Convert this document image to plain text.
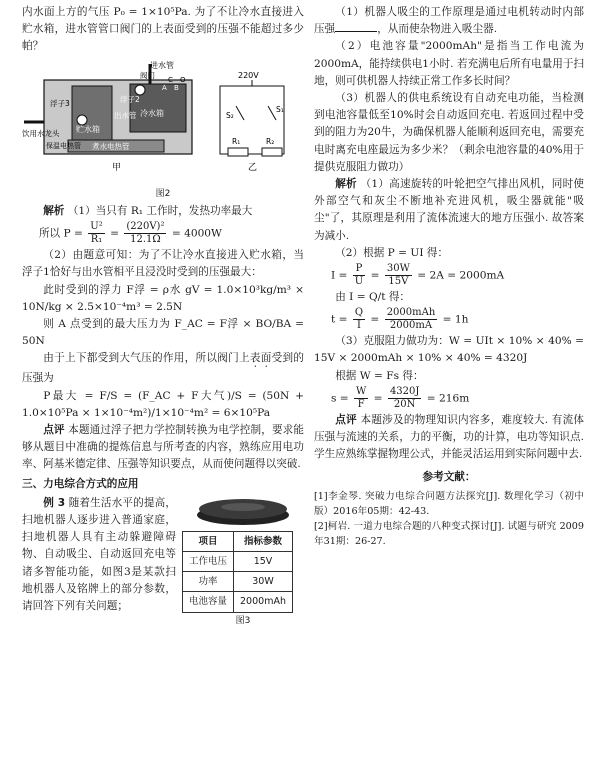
内水面上方的气压 P₀ = 1×10⁵Pa. 为了不让冷水直接进入贮水箱，进水管管口阀门的上表面受到的压强不能超过多少帕？

进水管
阀门
浮子2
浮子3
出水管 冷水箱
饮用水龙头 贮水箱
保温电热管 煮水电热管
A B
C O
甲
220V
S₂
S₁
R₁	R₂
乙
图2

解析 （1）当只有 R₁ 工作时，发热功率最大

所以 $P = \frac{\text{U²}}{\text{R₁}} = \frac{\text{(220V)²}}{12.1\Omega} = 4000W$

（2）由题意可知：为了不让冷水直接进入贮水箱，当浮子1恰好与出水管相平且浸没时受到的压强最大：

此时受到的浮力 F浮 = ρ水 gV = 1.0×10³kg/m³ × 10N/kg × 2.5×10⁻⁴m³ = 2.5N

则 A 点受到的最大压力为 F_AC = F浮 × BO/BA = 50N

由于上下都受到大气压的作用，所以阀门上表面受到的压强为

P最大 = F/S = (F_AC + F大气)/S = (50N + 1.0×10⁵Pa × 1×10⁻⁴m²)/1×10⁻⁴m² = 6×10⁵Pa

点评 本题通过浮子把力学控制转换为电学控制，要求能够从题目中准确的提炼信息与所考查的内容，熟练应用电功率、阿基米德定律、压强等知识要点，从而使问题得以突破.

三、力电综合方式的应用

项目	指标参数
工作电压	15V
功率	30W
电池容量	2000mAh
图3

例 3 随着生活水平的提高，扫地机器人逐步进入普通家庭，扫地机器人具有主动躲避障碍物、自动吸尘、自动返回充电等诸多智能功能，如图3是某款扫地机器人及铭牌上的部分参数，请回答下列有关问题；

（1）机器人吸尘的工作原理是通过电机转动时内部压强	，从而使杂物进入吸尘器.

（2）电池容量"2000mAh"是指当工作电流为2000mA，能持续供电1小时. 若充满电后所有电量用于扫地，则可供机器人持续正常工作多长时间？

（3）机器人的供电系统设有自动充电功能，当检测到电池容量低至10%时会自动返回充电. 若返回过程中受到的阻力为20牛，为确保机器人能顺利返回充电，需要充电时离充电座最远为多少米？（剩余电池容量的40%用于提供克服阻力做功）

解析 （1）高速旋转的叶轮把空气排出风机，同时使外部空气和灰尘不断地补充进风机，吸尘器就能"吸尘"了，其原理是利用了流体流速大的地方压强小. 故答案为减小.

（2）根据 P = UI 得：

$I = \frac{P}{U} = \frac{30W}{15V} = 2A = 2000mA$

由 I = Q/t 得：

$t = \frac{Q}{I} = \frac{\text{2000mAh}}{2000mA} = 1h$

（3）克服阻力做功为：W = UIt × 10% × 40% = 15V × 2000mAh × 10% × 40% = 4320J

根据 W = Fs 得：

$s = \frac{W}{F} = \frac{4320J}{20N} = 216m$

点评 本题涉及的物理知识内容多，难度较大. 有流体压强与流速的关系，力的平衡，功的计算，电功等知识点. 学生应熟练掌握物理公式，并能灵活运用到实际问题中去.

参考文献：

[1]李金琴. 突破力电综合问题方法探究[J]. 数理化学习（初中版）2016年05期：42-43.

[2]柯岩. 一道力电综合题的八种变式探讨[J]. 试题与研究 2009年31期：26-27.
